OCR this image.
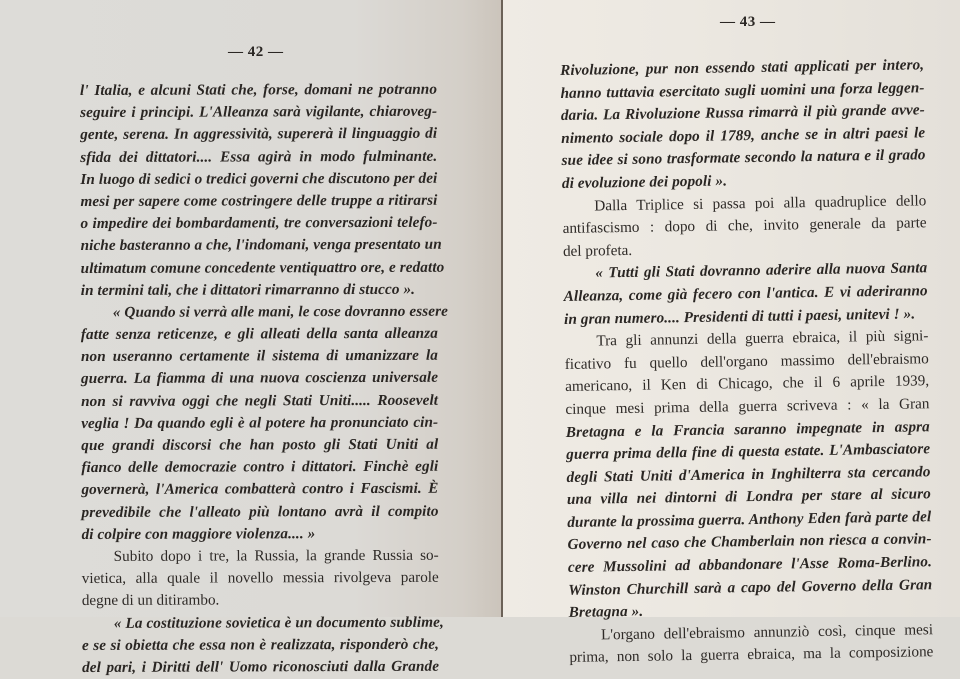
— 42 —
l' Italia, e alcuni Stati che, forse, domani ne potranno
seguire i principi. L'Alleanza sarà vigilante, chiaroveg-
gente, serena. In aggressività, supererà il linguaggio di
sfida dei dittatori.... Essa agirà in modo fulminante.
In luogo di sedici o tredici governi che discutono per dei
mesi per sapere come costringere delle truppe a ritirarsi
o impedire dei bombardamenti, tre conversazioni telefo-
niche basteranno a che, l'indomani, venga presentato un
ultimatum comune concedente ventiquattro ore, e redatto
in termini tali, che i dittatori rimarranno di stucco ».
« Quando si verrà alle mani, le cose dovranno essere
fatte senza reticenze, e gli alleati della santa alleanza
non useranno certamente il sistema di umanizzare la
guerra. La fiamma di una nuova coscienza universale
non si ravviva oggi che negli Stati Uniti..... Roosevelt
veglia ! Da quando egli è al potere ha pronunciato cin-
que grandi discorsi che han posto gli Stati Uniti al
fianco delle democrazie contro i dittatori. Finchè egli
governerà, l'America combatterà contro i Fascismi. È
prevedibile che l'alleato più lontano avrà il compito
di colpire con maggiore violenza.... »
Subito dopo i tre, la Russia, la grande Russia so-
vietica, alla quale il novello messia rivolgeva parole
degne di un ditirambo.
« La costituzione sovietica è un documento sublime,
e se si obietta che essa non è realizzata, risponderò che,
del pari, i Diritti dell' Uomo riconosciuti dalla Grande
— 43 —
Rivoluzione, pur non essendo stati applicati per intero,
hanno tuttavia esercitato sugli uomini una forza leggen-
daria. La Rivoluzione Russa rimarrà il più grande avve-
nimento sociale dopo il 1789, anche se in altri paesi le
sue idee si sono trasformate secondo la natura e il grado
di evoluzione dei popoli ».
Dalla Triplice si passa poi alla quadruplice dello
antifascismo : dopo di che, invito generale da parte
del profeta.
« Tutti gli Stati dovranno aderire alla nuova Santa
Alleanza, come già fecero con l'antica. E vi aderiranno
in gran numero.... Presidenti di tutti i paesi, unitevi ! ».
Tra gli annunzi della guerra ebraica, il più signi-
ficativo fu quello dell'organo massimo dell'ebraismo
americano, il Ken di Chicago, che il 6 aprile 1939,
cinque mesi prima della guerra scriveva : « la Gran
Bretagna e la Francia saranno impegnate in aspra
guerra prima della fine di questa estate. L'Ambasciatore
degli Stati Uniti d'America in Inghilterra sta cercando
una villa nei dintorni di Londra per stare al sicuro
durante la prossima guerra. Anthony Eden farà parte del
Governo nel caso che Chamberlain non riesca a convin-
cere Mussolini ad abbandonare l'Asse Roma-Berlino.
Winston Churchill sarà a capo del Governo della Gran
Bretagna ».
L'organo dell'ebraismo annunziò così, cinque mesi
prima, non solo la guerra ebraica, ma la composizione
